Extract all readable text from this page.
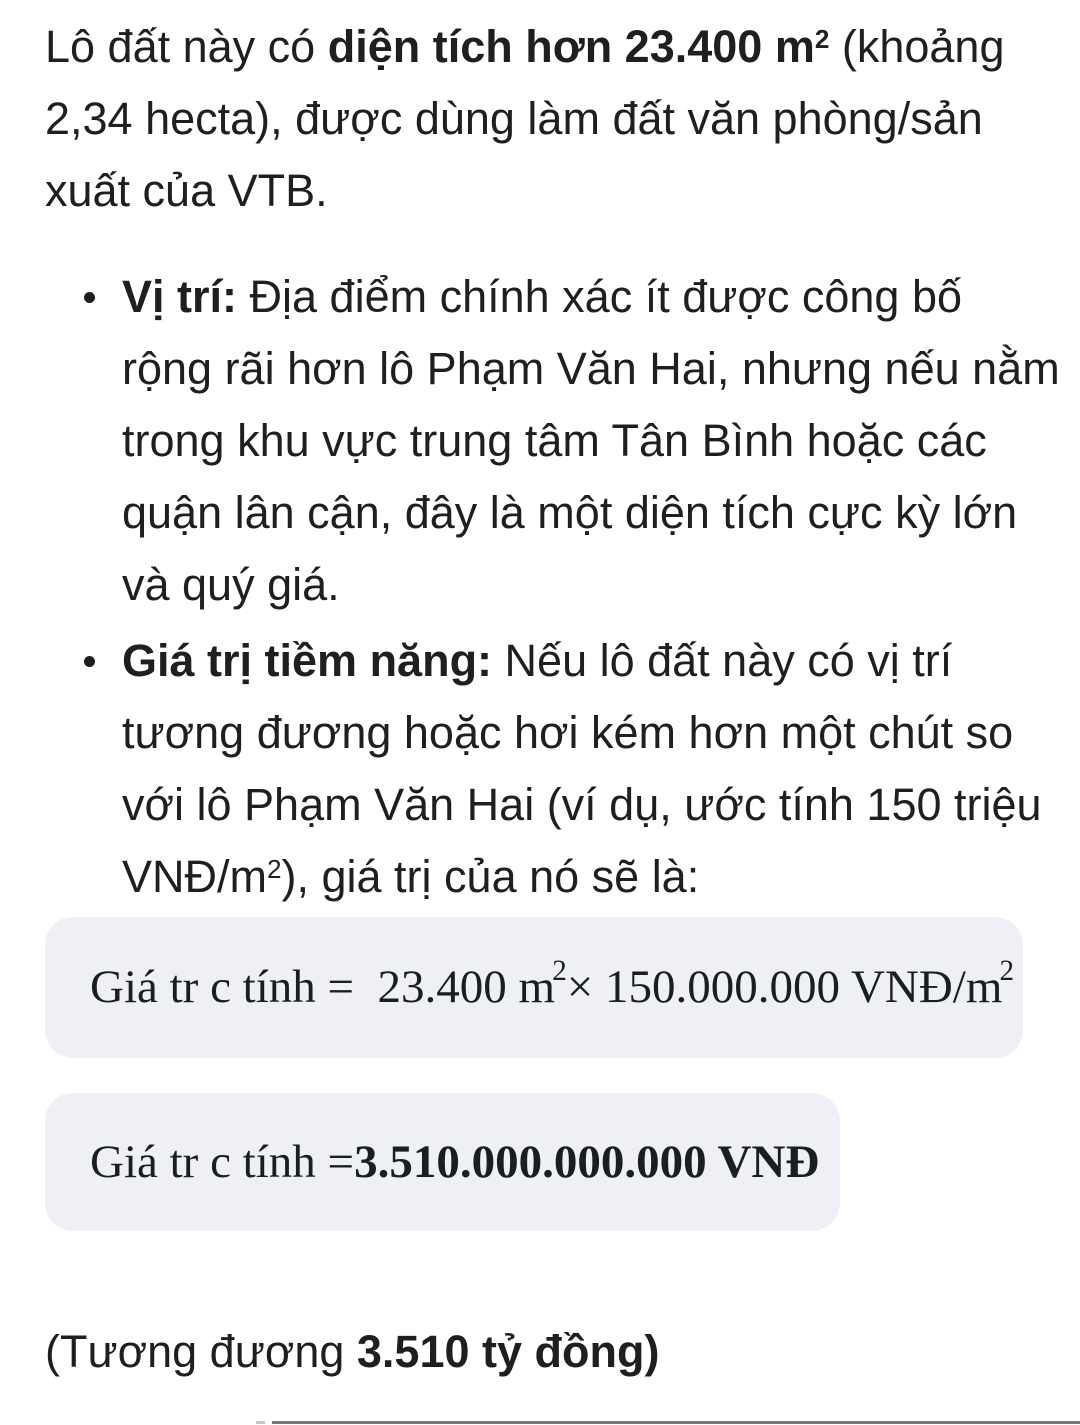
Lô đất này có diện tích hơn 23.400 $m^2$ (khoảng
2,34 hecta), được dùng làm đất văn phòng/sản
xuất của VTB.

Vị trí: Địa điểm chính xác ít được công bố
rộng rãi hơn lô Phạm Văn Hai, nhưng nếu nằm
trong khu vực trung tâm Tân Bình hoặc các
quận lân cận, đây là một diện tích cực kỳ lớn
và quý giá.
Giá trị tiềm năng: Nếu lô đất này có vị trí
tương đương hoặc hơi kém hơn một chút so
với lô Phạm Văn Hai (ví dụ, ước tính 150 triệu
VNĐ/$m^2$), giá trị của nó sẽ là:
Giá tr c tính =  23.400 m
$^2$ × 150.000.000 VNĐ/m
$^2$
Giá tr c tính = 3.510.000.000.000 VNĐ

(Tương đương 3.510 tỷ đồng)
